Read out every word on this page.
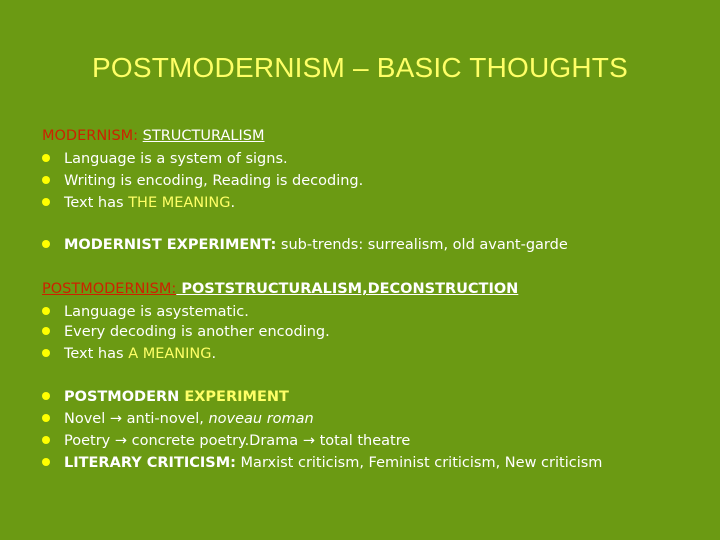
POSTMODERNISM – BASIC THOUGHTS
MODERNISM: STRUCTURALISM
Language is a system of signs.
Writing is encoding, Reading is decoding.
Text has THE MEANING.
MODERNIST EXPERIMENT: sub-trends: surrealism, old avant-garde
POSTMODERNISM: POSTSTRUCTURALISM,DECONSTRUCTION
Language is asystematic.
Every decoding is another encoding.
Text has A MEANING.
POSTMODERN EXPERIMENT
Novel → anti-novel, noveau roman
Poetry → concrete poetry.Drama → total theatre
LITERARY CRITICISM: Marxist criticism, Feminist criticism, New criticism
